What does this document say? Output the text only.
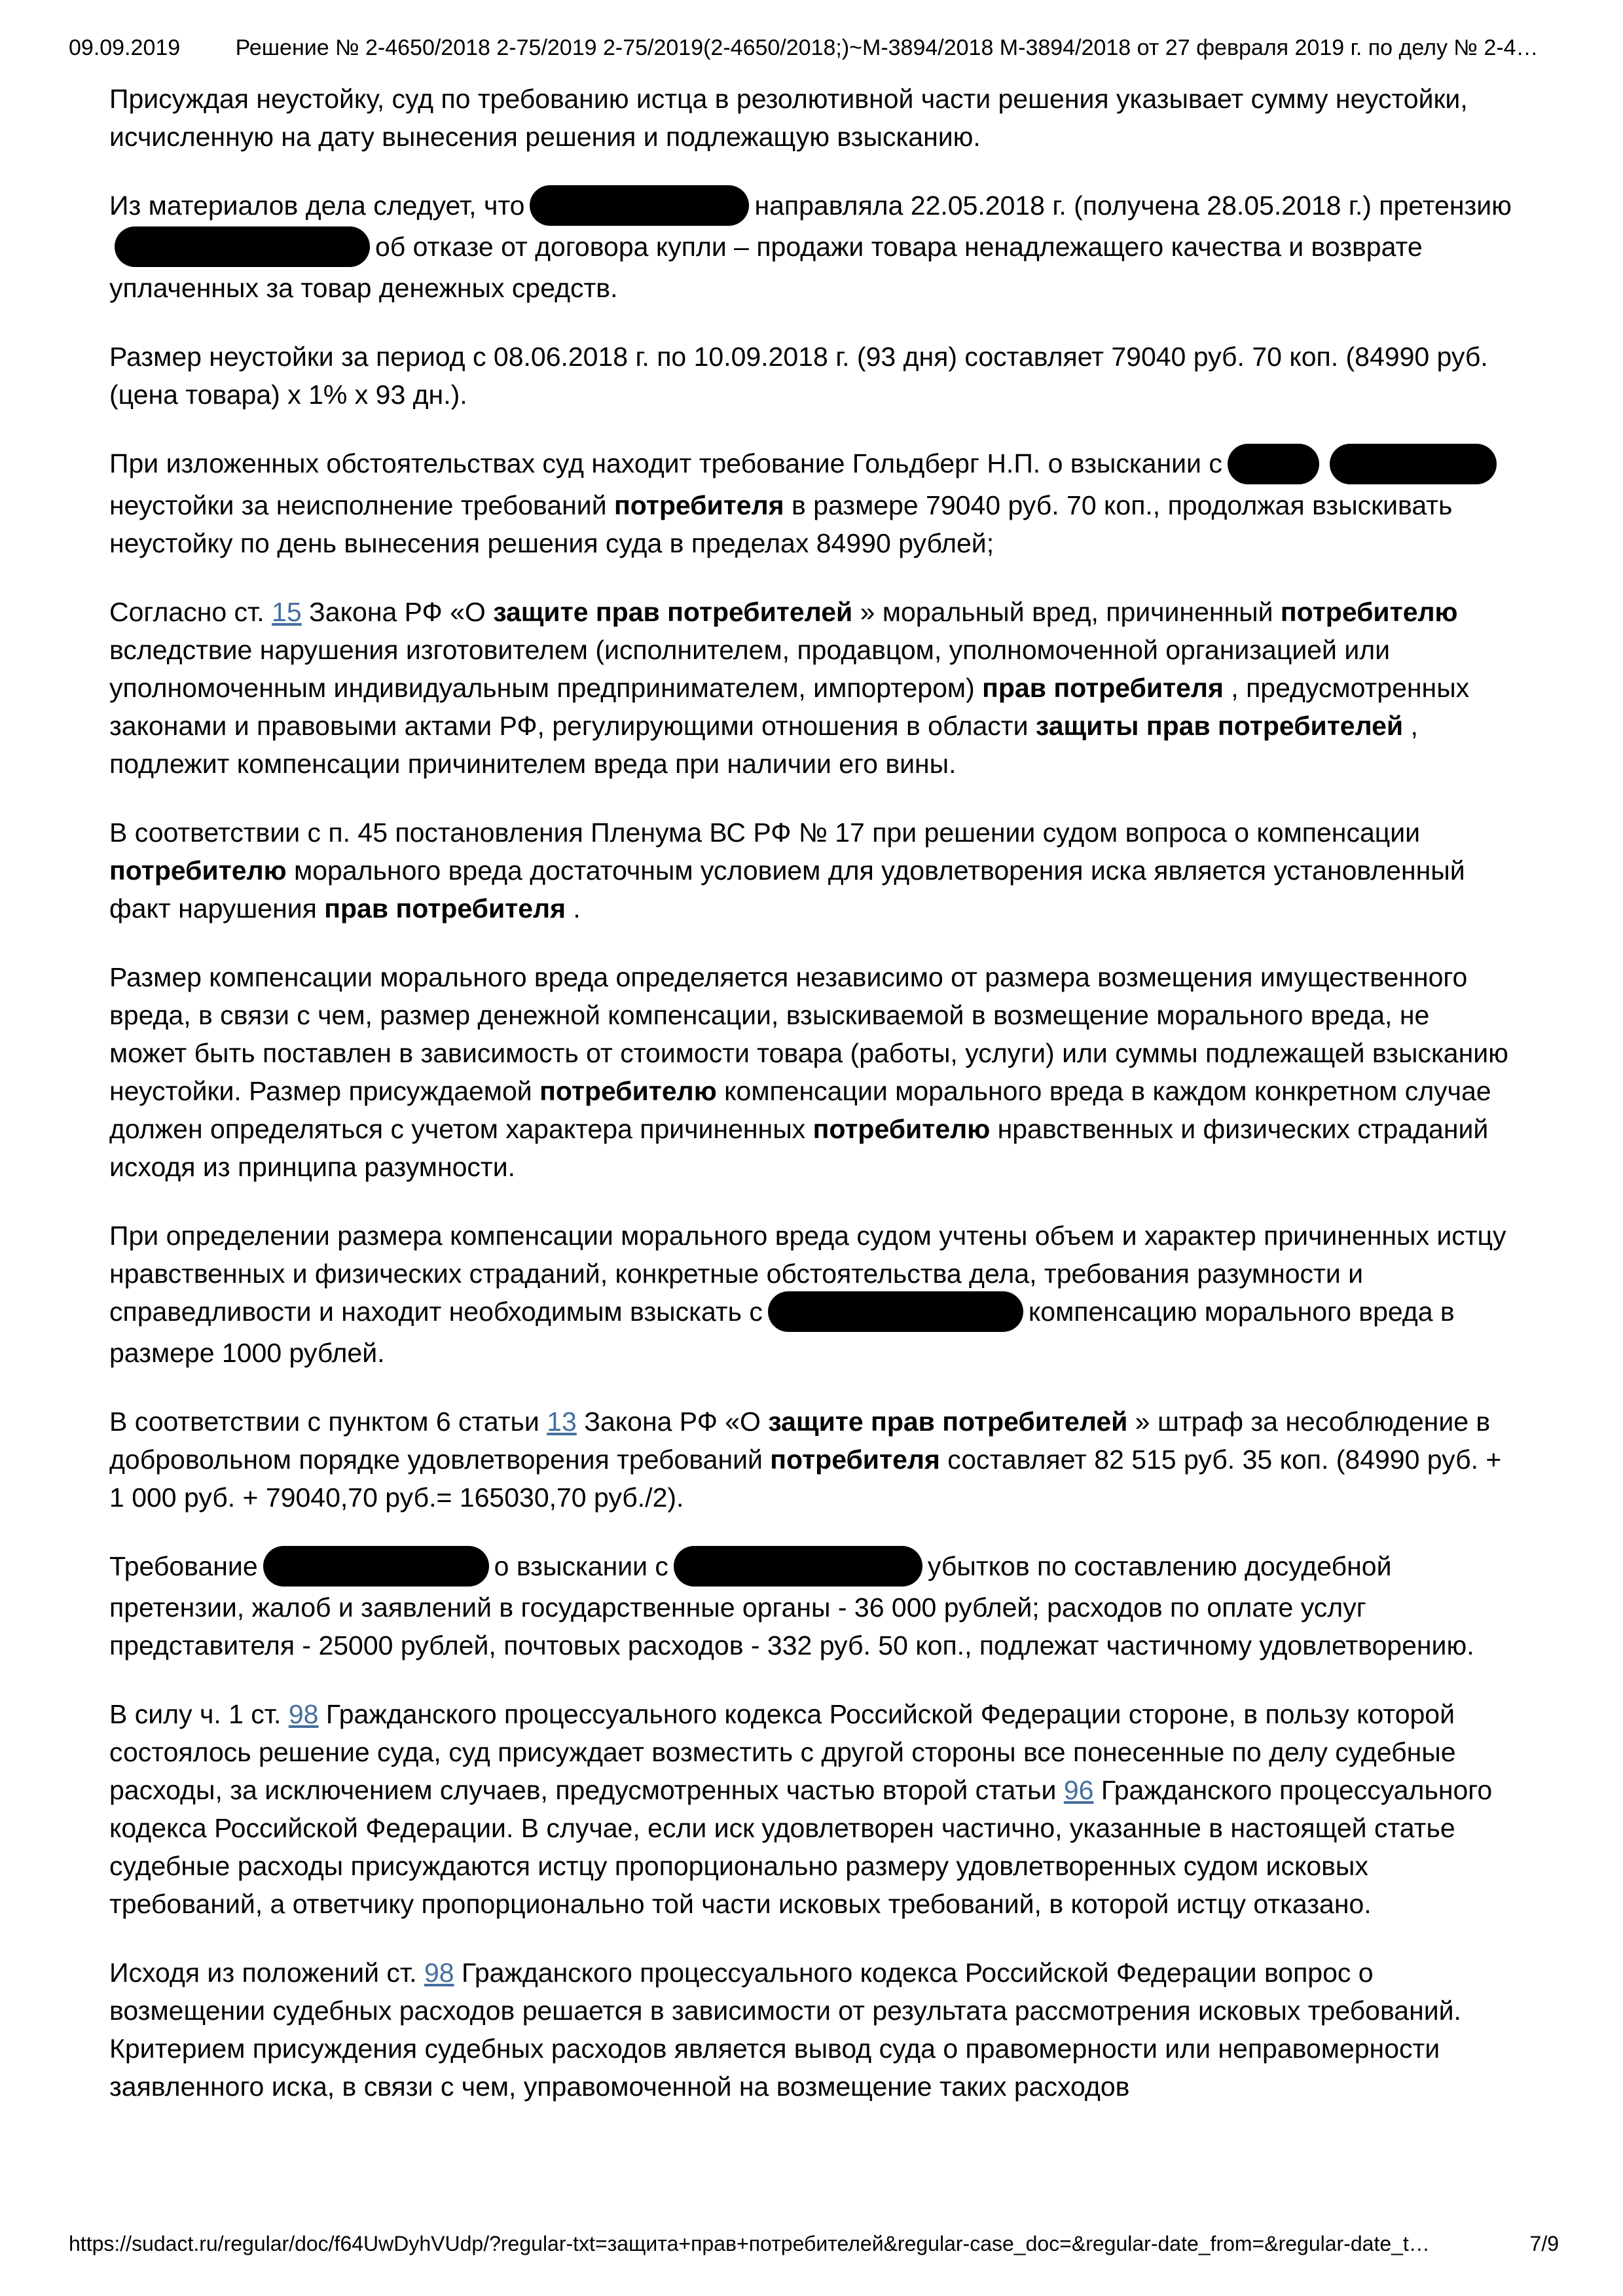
09.09.2019	Решение № 2-4650/2018 2-75/2019 2-75/2019(2-4650/2018;)~М-3894/2018 М-3894/2018 от 27 февраля 2019 г. по делу № 2-4…

Присуждая неустойку, суд по требованию истца в резолютивной части решения указывает сумму неустойки, исчисленную на дату вынесения решения и подлежащую взысканию.

Из материалов дела следует, что	направляла 22.05.2018 г. (получена 28.05.2018 г.) претензиюоб отказе от договора купли – продажи товара ненадлежащего качества и возврате уплаченных за товар денежных средств.

Размер неустойки за период с 08.06.2018 г. по 10.09.2018 г. (93 дня) составляет 79040 руб. 70 коп. (84990 руб. (цена товара) х 1% х 93 дн.).

При изложенных обстоятельствах суд находит требование Гольдберг Н.П. о взыскании снеустойки за неисполнение требований потребителя в размере 79040 руб. 70 коп., продолжая взыскивать неустойку по день вынесения решения суда в пределах 84990 рублей;

Согласно ст. 15 Закона РФ «О защите прав потребителей » моральный вред, причиненный потребителю вследствие нарушения изготовителем (исполнителем, продавцом, уполномоченной организацией или уполномоченным индивидуальным предпринимателем, импортером) прав потребителя , предусмотренных законами и правовыми актами РФ, регулирующими отношения в области защиты прав потребителей , подлежит компенсации причинителем вреда при наличии его вины.

В соответствии с п. 45 постановления Пленума ВС РФ № 17 при решении судом вопроса о компенсации потребителю морального вреда достаточным условием для удовлетворения иска является установленный факт нарушения прав потребителя .

Размер компенсации морального вреда определяется независимо от размера возмещения имущественного вреда, в связи с чем, размер денежной компенсации, взыскиваемой в возмещение морального вреда, не может быть поставлен в зависимость от стоимости товара (работы, услуги) или суммы подлежащей взысканию неустойки. Размер присуждаемой потребителю компенсации морального вреда в каждом конкретном случае должен определяться с учетом характера причиненных потребителю нравственных и физических страданий исходя из принципа разумности.

При определении размера компенсации морального вреда судом учтены объем и характер причиненных истцу нравственных и физических страданий, конкретные обстоятельства дела, требования разумности и справедливости и находит необходимым взыскать с	компенсацию морального вреда в размере 1000 рублей.

В соответствии с пунктом 6 статьи 13 Закона РФ «О защите прав потребителей » штраф за несоблюдение в добровольном порядке удовлетворения требований потребителя составляет 82 515 руб. 35 коп. (84990 руб. + 1 000 руб. + 79040,70 руб.= 165030,70 руб./2).

Требование	о взыскании с	убытков по составлению досудебной претензии, жалоб и заявлений в государственные органы - 36 000 рублей; расходов по оплате услуг представителя - 25000 рублей, почтовых расходов - 332 руб. 50 коп., подлежат частичному удовлетворению.

В силу ч. 1 ст. 98 Гражданского процессуального кодекса Российской Федерации стороне, в пользу которой состоялось решение суда, суд присуждает возместить с другой стороны все понесенные по делу судебные расходы, за исключением случаев, предусмотренных частью второй статьи 96 Гражданского процессуального кодекса Российской Федерации. В случае, если иск удовлетворен частично, указанные в настоящей статье судебные расходы присуждаются истцу пропорционально размеру удовлетворенных судом исковых требований, а ответчику пропорционально той части исковых требований, в которой истцу отказано.

Исходя из положений ст. 98 Гражданского процессуального кодекса Российской Федерации вопрос о возмещении судебных расходов решается в зависимости от результата рассмотрения исковых требований. Критерием присуждения судебных расходов является вывод суда о правомерности или неправомерности заявленного иска, в связи с чем, управомоченной на возмещение таких расходов

https://sudact.ru/regular/doc/f64UwDyhVUdp/?regular-txt=защита+прав+потребителей&regular-case_doc=&regular-date_from=&regular-date_t…	7/9
